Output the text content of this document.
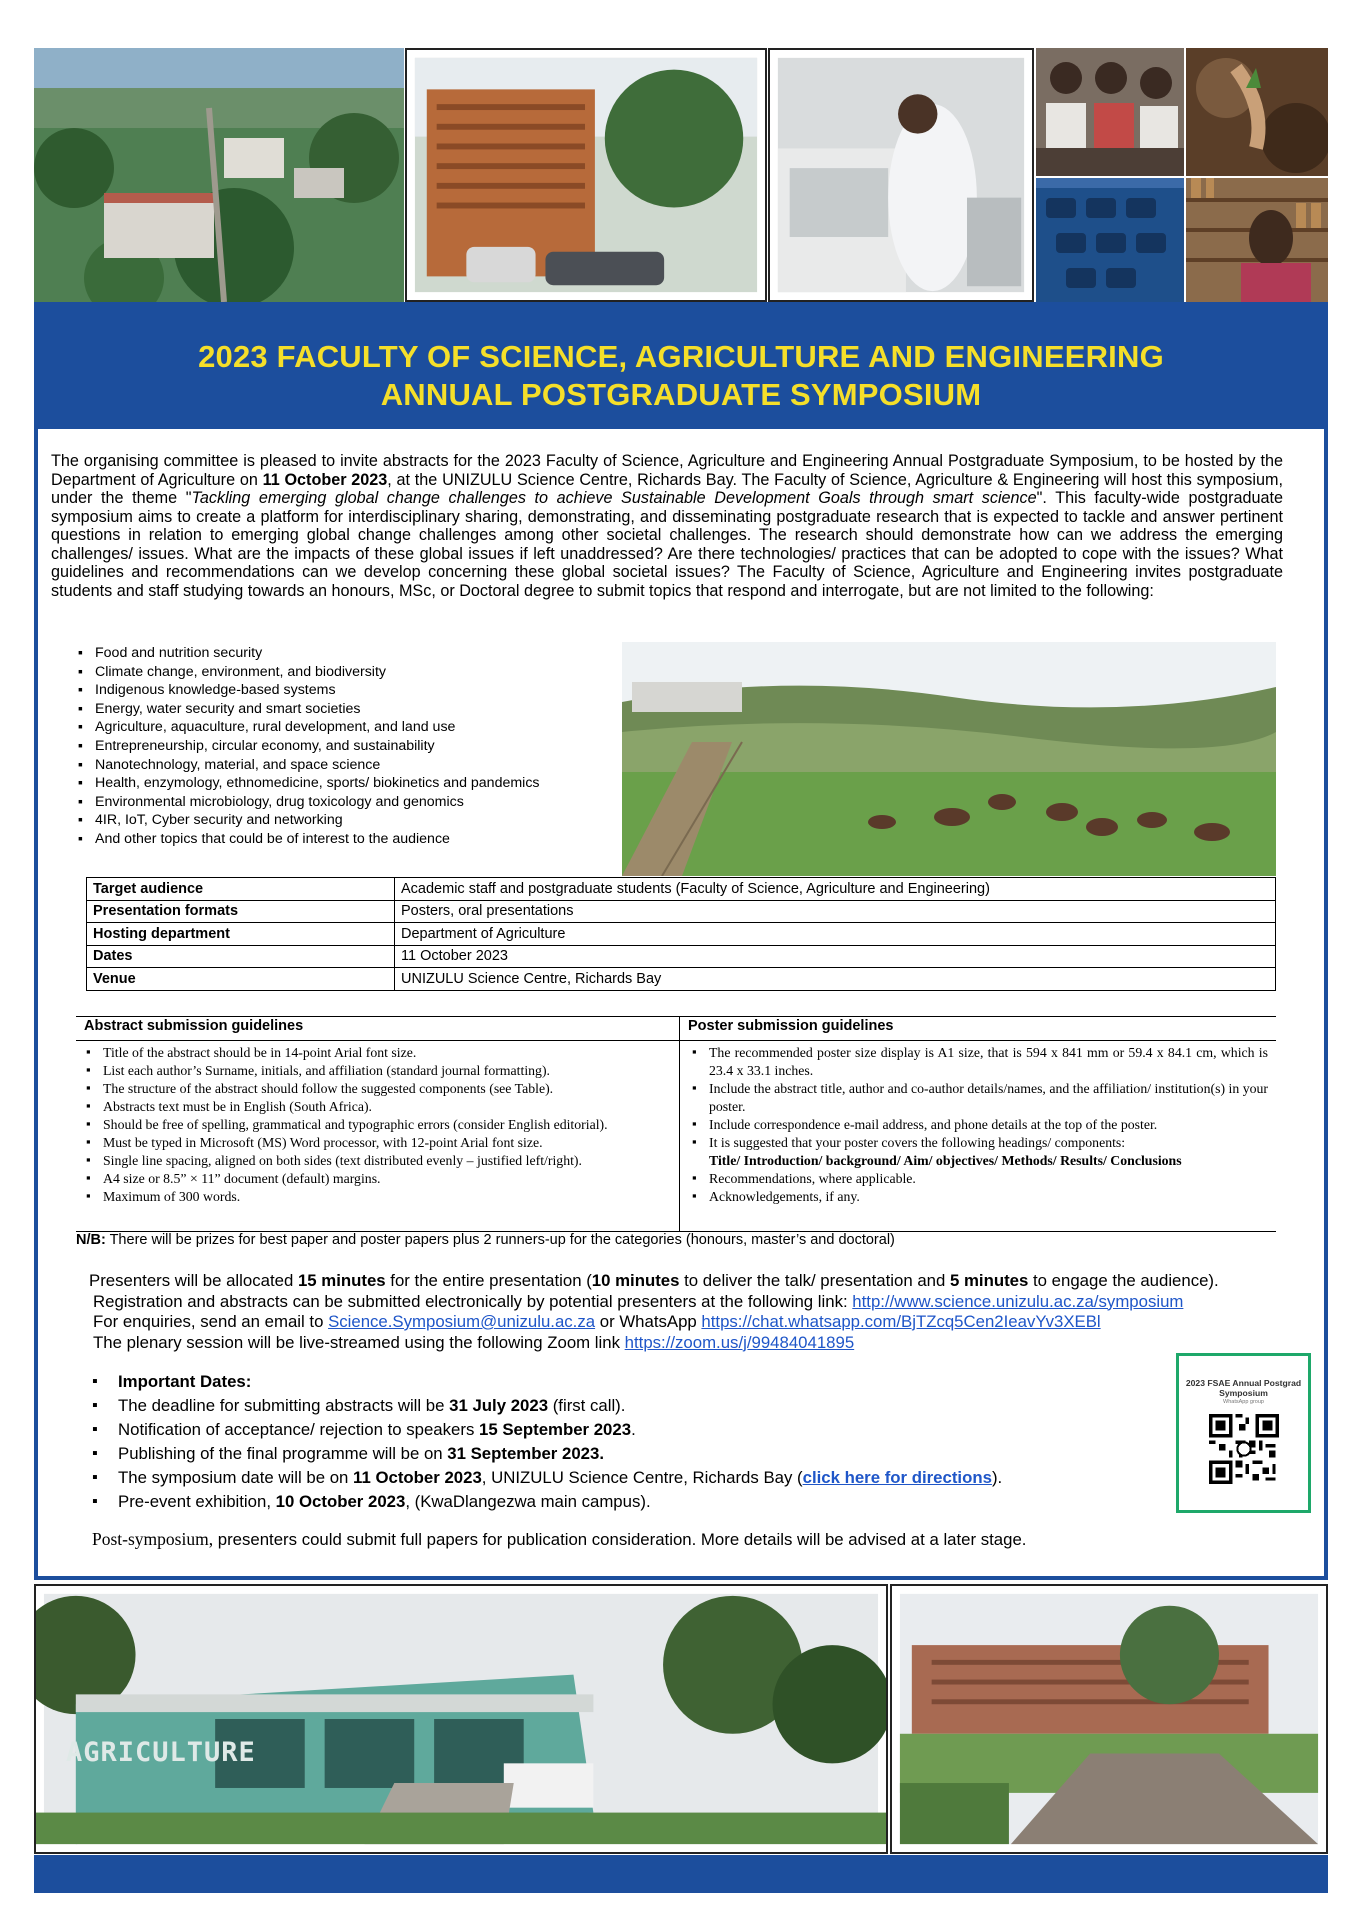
2023 FACULTY OF SCIENCE, AGRICULTURE AND ENGINEERING
ANNUAL POSTGRADUATE SYMPOSIUM
The organising committee is pleased to invite abstracts for the 2023 Faculty of Science, Agriculture and Engineering Annual Postgraduate Symposium, to be hosted by the Department of Agriculture on 11 October 2023, at the UNIZULU Science Centre, Richards Bay. The Faculty of Science, Agriculture & Engineering will host this symposium, under the theme "Tackling emerging global change challenges to achieve Sustainable Development Goals through smart science". This faculty-wide postgraduate symposium aims to create a platform for interdisciplinary sharing, demonstrating, and disseminating postgraduate research that is expected to tackle and answer pertinent questions in relation to emerging global change challenges among other societal challenges. The research should demonstrate how can we address the emerging challenges/ issues. What are the impacts of these global issues if left unaddressed? Are there technologies/ practices that can be adopted to cope with the issues? What guidelines and recommendations can we develop concerning these global societal issues? The Faculty of Science, Agriculture and Engineering invites postgraduate students and staff studying towards an honours, MSc, or Doctoral degree to submit topics that respond and interrogate, but are not limited to the following:
▪ Food and nutrition security
▪ Climate change, environment, and biodiversity
▪ Indigenous knowledge-based systems
▪ Energy, water security and smart societies
▪ Agriculture, aquaculture, rural development, and land use
▪ Entrepreneurship, circular economy, and sustainability
▪ Nanotechnology, material, and space science
▪ Health, enzymology, ethnomedicine, sports/ biokinetics and pandemics
▪ Environmental microbiology, drug toxicology and genomics
▪ 4IR, IoT, Cyber security and networking
▪ And other topics that could be of interest to the audience
Target audience	Academic staff and postgraduate students (Faculty of Science, Agriculture and Engineering)
Presentation formats	Posters, oral presentations
Hosting department	Department of Agriculture
Dates	11 October 2023
Venue	UNIZULU Science Centre, Richards Bay
Abstract submission guidelines	Poster submission guidelines
▪ Title of the abstract should be in 14-point Arial font size.
▪ List each author’s Surname, initials, and affiliation (standard journal formatting).
▪ The structure of the abstract should follow the suggested components (see Table).
▪ Abstracts text must be in English (South Africa).
▪ Should be free of spelling, grammatical and typographic errors (consider English editorial).
▪ Must be typed in Microsoft (MS) Word processor, with 12-point Arial font size.
▪ Single line spacing, aligned on both sides (text distributed evenly – justified left/right).
▪ A4 size or 8.5” × 11” document (default) margins.
▪ Maximum of 300 words.
▪ The recommended poster size display is A1 size, that is 594 x 841 mm or 59.4 x 84.1 cm, which is 23.4 x 33.1 inches.
▪ Include the abstract title, author and co-author details/names, and the affiliation/ institution(s) in your poster.
▪ Include correspondence e-mail address, and phone details at the top of the poster.
▪ It is suggested that your poster covers the following headings/ components:
Title/ Introduction/ background/ Aim/ objectives/ Methods/ Results/ Conclusions
▪ Recommendations, where applicable.
▪ Acknowledgements, if any.
N/B: There will be prizes for best paper and poster papers plus 2 runners-up for the categories (honours, master’s and doctoral)
Presenters will be allocated 15 minutes for the entire presentation (10 minutes to deliver the talk/ presentation and 5 minutes to engage the audience).
Registration and abstracts can be submitted electronically by potential presenters at the following link: http://www.science.unizulu.ac.za/symposium
For enquiries, send an email to Science.Symposium@unizulu.ac.za or WhatsApp https://chat.whatsapp.com/BjTZcq5Cen2IeavYv3XEBl
The plenary session will be live-streamed using the following Zoom link https://zoom.us/j/99484041895
▪ Important Dates:
▪ The deadline for submitting abstracts will be 31 July 2023 (first call).
▪ Notification of acceptance/ rejection to speakers 15 September 2023.
▪ Publishing of the final programme will be on 31 September 2023.
▪ The symposium date will be on 11 October 2023, UNIZULU Science Centre, Richards Bay (click here for directions).
▪ Pre-event exhibition, 10 October 2023, (KwaDlangezwa main campus).
Post-symposium, presenters could submit full papers for publication consideration. More details will be advised at a later stage.
2023 FSAE Annual Postgrad Symposium
WhatsApp group
AGRICULTURE
